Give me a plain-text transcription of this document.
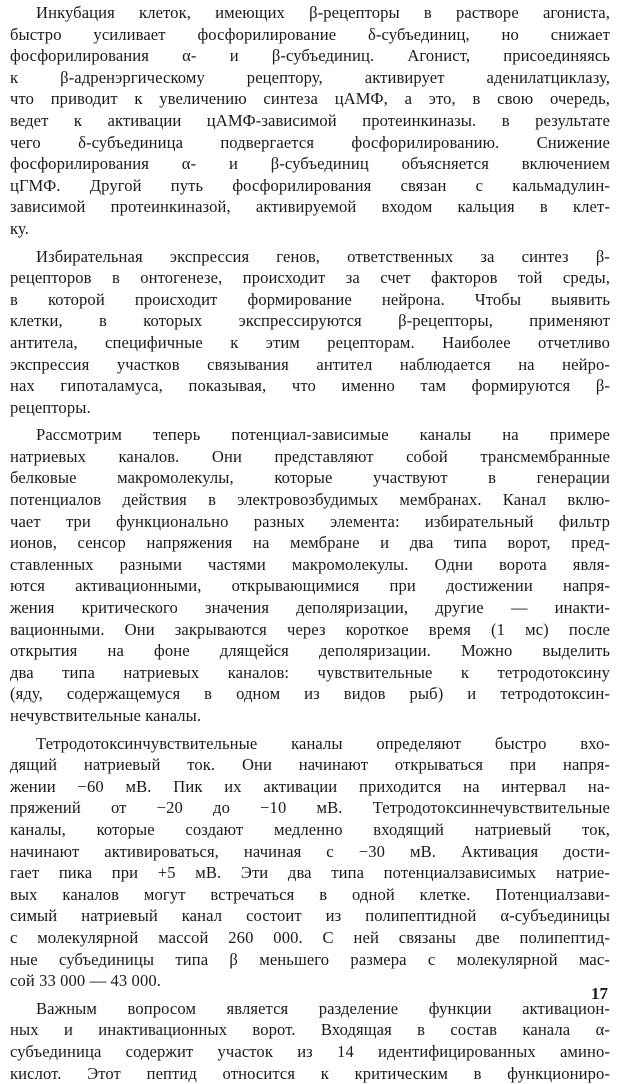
Инкубация клеток, имеющих β-рецепторы в растворе агониста,
быстро усиливает фосфорилирование δ-субъединиц, но снижает
фосфорилирования α- и β-субъединиц. Агонист, присоединяясь
к β-адренэргическому рецептору, активирует аденилатциклазу,
что приводит к увеличению синтеза цАМФ, а это, в свою очередь,
ведет к активации цАМФ-зависимой протеинкиназы. в результате
чего δ-субъединица подвергается фосфорилированию. Снижение
фосфорилирования α- и β-субъединиц объясняется включением
цГМФ. Другой путь фосфорилирования связан с кальмадулин-
зависимой протеинкиназой, активируемой входом кальция в клет-
ку.
Избирательная экспрессия генов, ответственных за синтез β-
рецепторов в онтогенезе, происходит за счет факторов той среды,
в которой происходит формирование нейрона. Чтобы выявить
клетки, в которых экспрессируются β-рецепторы, применяют
антитела, специфичные к этим рецепторам. Наиболее отчетливо
экспрессия участков связывания антител наблюдается на нейро-
нах гипоталамуса, показывая, что именно там формируются β-
рецепторы.
Рассмотрим теперь потенциал-зависимые каналы на примере
натриевых каналов. Они представляют собой трансмембранные
белковые макромолекулы, которые участвуют в генерации
потенциалов действия в электровозбудимых мембранах. Канал вклю-
чает три функционально разных элемента: избирательный фильтр
ионов, сенсор напряжения на мембране и два типа ворот, пред-
ставленных разными частями макромолекулы. Одни ворота явля-
ются активационными, открывающимися при достижении напря-
жения критического значения деполяризации, другие — инакти-
вационными. Они закрываются через короткое время (1 мс) после
открытия на фоне длящейся деполяризации. Можно выделить
два типа натриевых каналов: чувствительные к тетродотоксину
(яду, содержащемуся в одном из видов рыб) и тетродотоксин-
нечувствительные каналы.
Тетродотоксинчувствительные каналы определяют быстро вхо-
дящий натриевый ток. Они начинают открываться при напря-
жении −60 мВ. Пик их активации приходится на интервал на-
пряжений от −20 до −10 мВ. Тетродотоксиннечувствительные
каналы, которые создают медленно входящий натриевый ток,
начинают активироваться, начиная с −30 мВ. Активация дости-
гает пика при +5 мВ. Эти два типа потенциалзависимых натрие-
вых каналов могут встречаться в одной клетке. Потенциалзави-
симый натриевый канал состоит из полипептидной α-субъединицы
с молекулярной массой 260 000. С ней связаны две полипептид-
ные субъединицы типа β меньшего размера с молекулярной мас-
сой 33 000 — 43 000.
Важным вопросом является разделение функции активацион-
ных и инактивационных ворот. Входящая в состав канала α-
субъединица содержит участок из 14 идентифицированных амино-
кислот. Этот пептид относится к критическим в функциониро-
17
